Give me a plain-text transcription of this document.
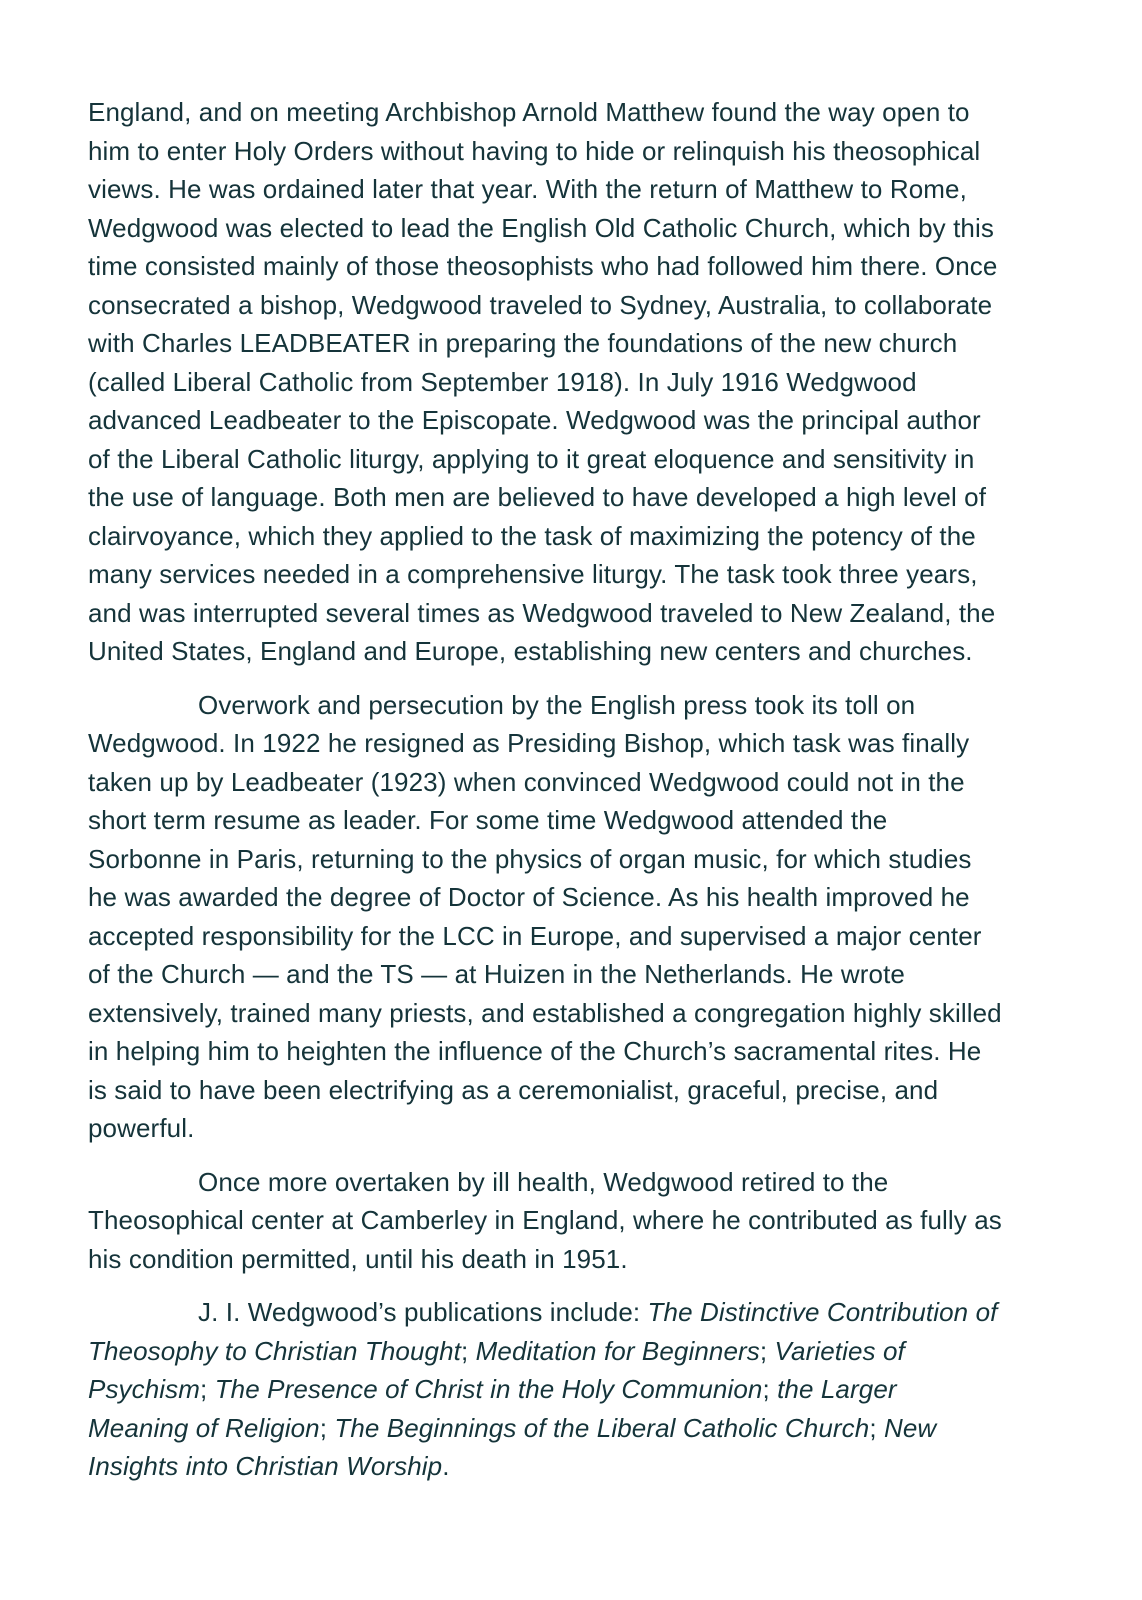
England, and on meeting Archbishop Arnold Matthew found the way open to
him to enter Holy Orders without having to hide or relinquish his theosophical
views. He was ordained later that year. With the return of Matthew to Rome,
Wedgwood was elected to lead the English Old Catholic Church, which by this
time consisted mainly of those theosophists who had followed him there. Once
consecrated a bishop, Wedgwood traveled to Sydney, Australia, to collaborate
with Charles LEADBEATER in preparing the foundations of the new church
(called Liberal Catholic from September 1918). In July 1916 Wedgwood
advanced Leadbeater to the Episcopate. Wedgwood was the principal author
of the Liberal Catholic liturgy, applying to it great eloquence and sensitivity in
the use of language. Both men are believed to have developed a high level of
clairvoyance, which they applied to the task of maximizing the potency of the
many services needed in a comprehensive liturgy. The task took three years,
and was interrupted several times as Wedgwood traveled to New Zealand, the
United States, England and Europe, establishing new centers and churches.
Overwork and persecution by the English press took its toll on
Wedgwood. In 1922 he resigned as Presiding Bishop, which task was finally
taken up by Leadbeater (1923) when convinced Wedgwood could not in the
short term resume as leader. For some time Wedgwood attended the
Sorbonne in Paris, returning to the physics of organ music, for which studies
he was awarded the degree of Doctor of Science. As his health improved he
accepted responsibility for the LCC in Europe, and supervised a major center
of the Church — and the TS — at Huizen in the Netherlands. He wrote
extensively, trained many priests, and established a congregation highly skilled
in helping him to heighten the influence of the Church’s sacramental rites. He
is said to have been electrifying as a ceremonialist, graceful, precise, and
powerful.
Once more overtaken by ill health, Wedgwood retired to the
Theosophical center at Camberley in England, where he contributed as fully as
his condition permitted, until his death in 1951.
J. I. Wedgwood’s publications include: The Distinctive Contribution of
Theosophy to Christian Thought; Meditation for Beginners; Varieties of
Psychism; The Presence of Christ in the Holy Communion; the Larger
Meaning of Religion; The Beginnings of the Liberal Catholic Church; New
Insights into Christian Worship.
